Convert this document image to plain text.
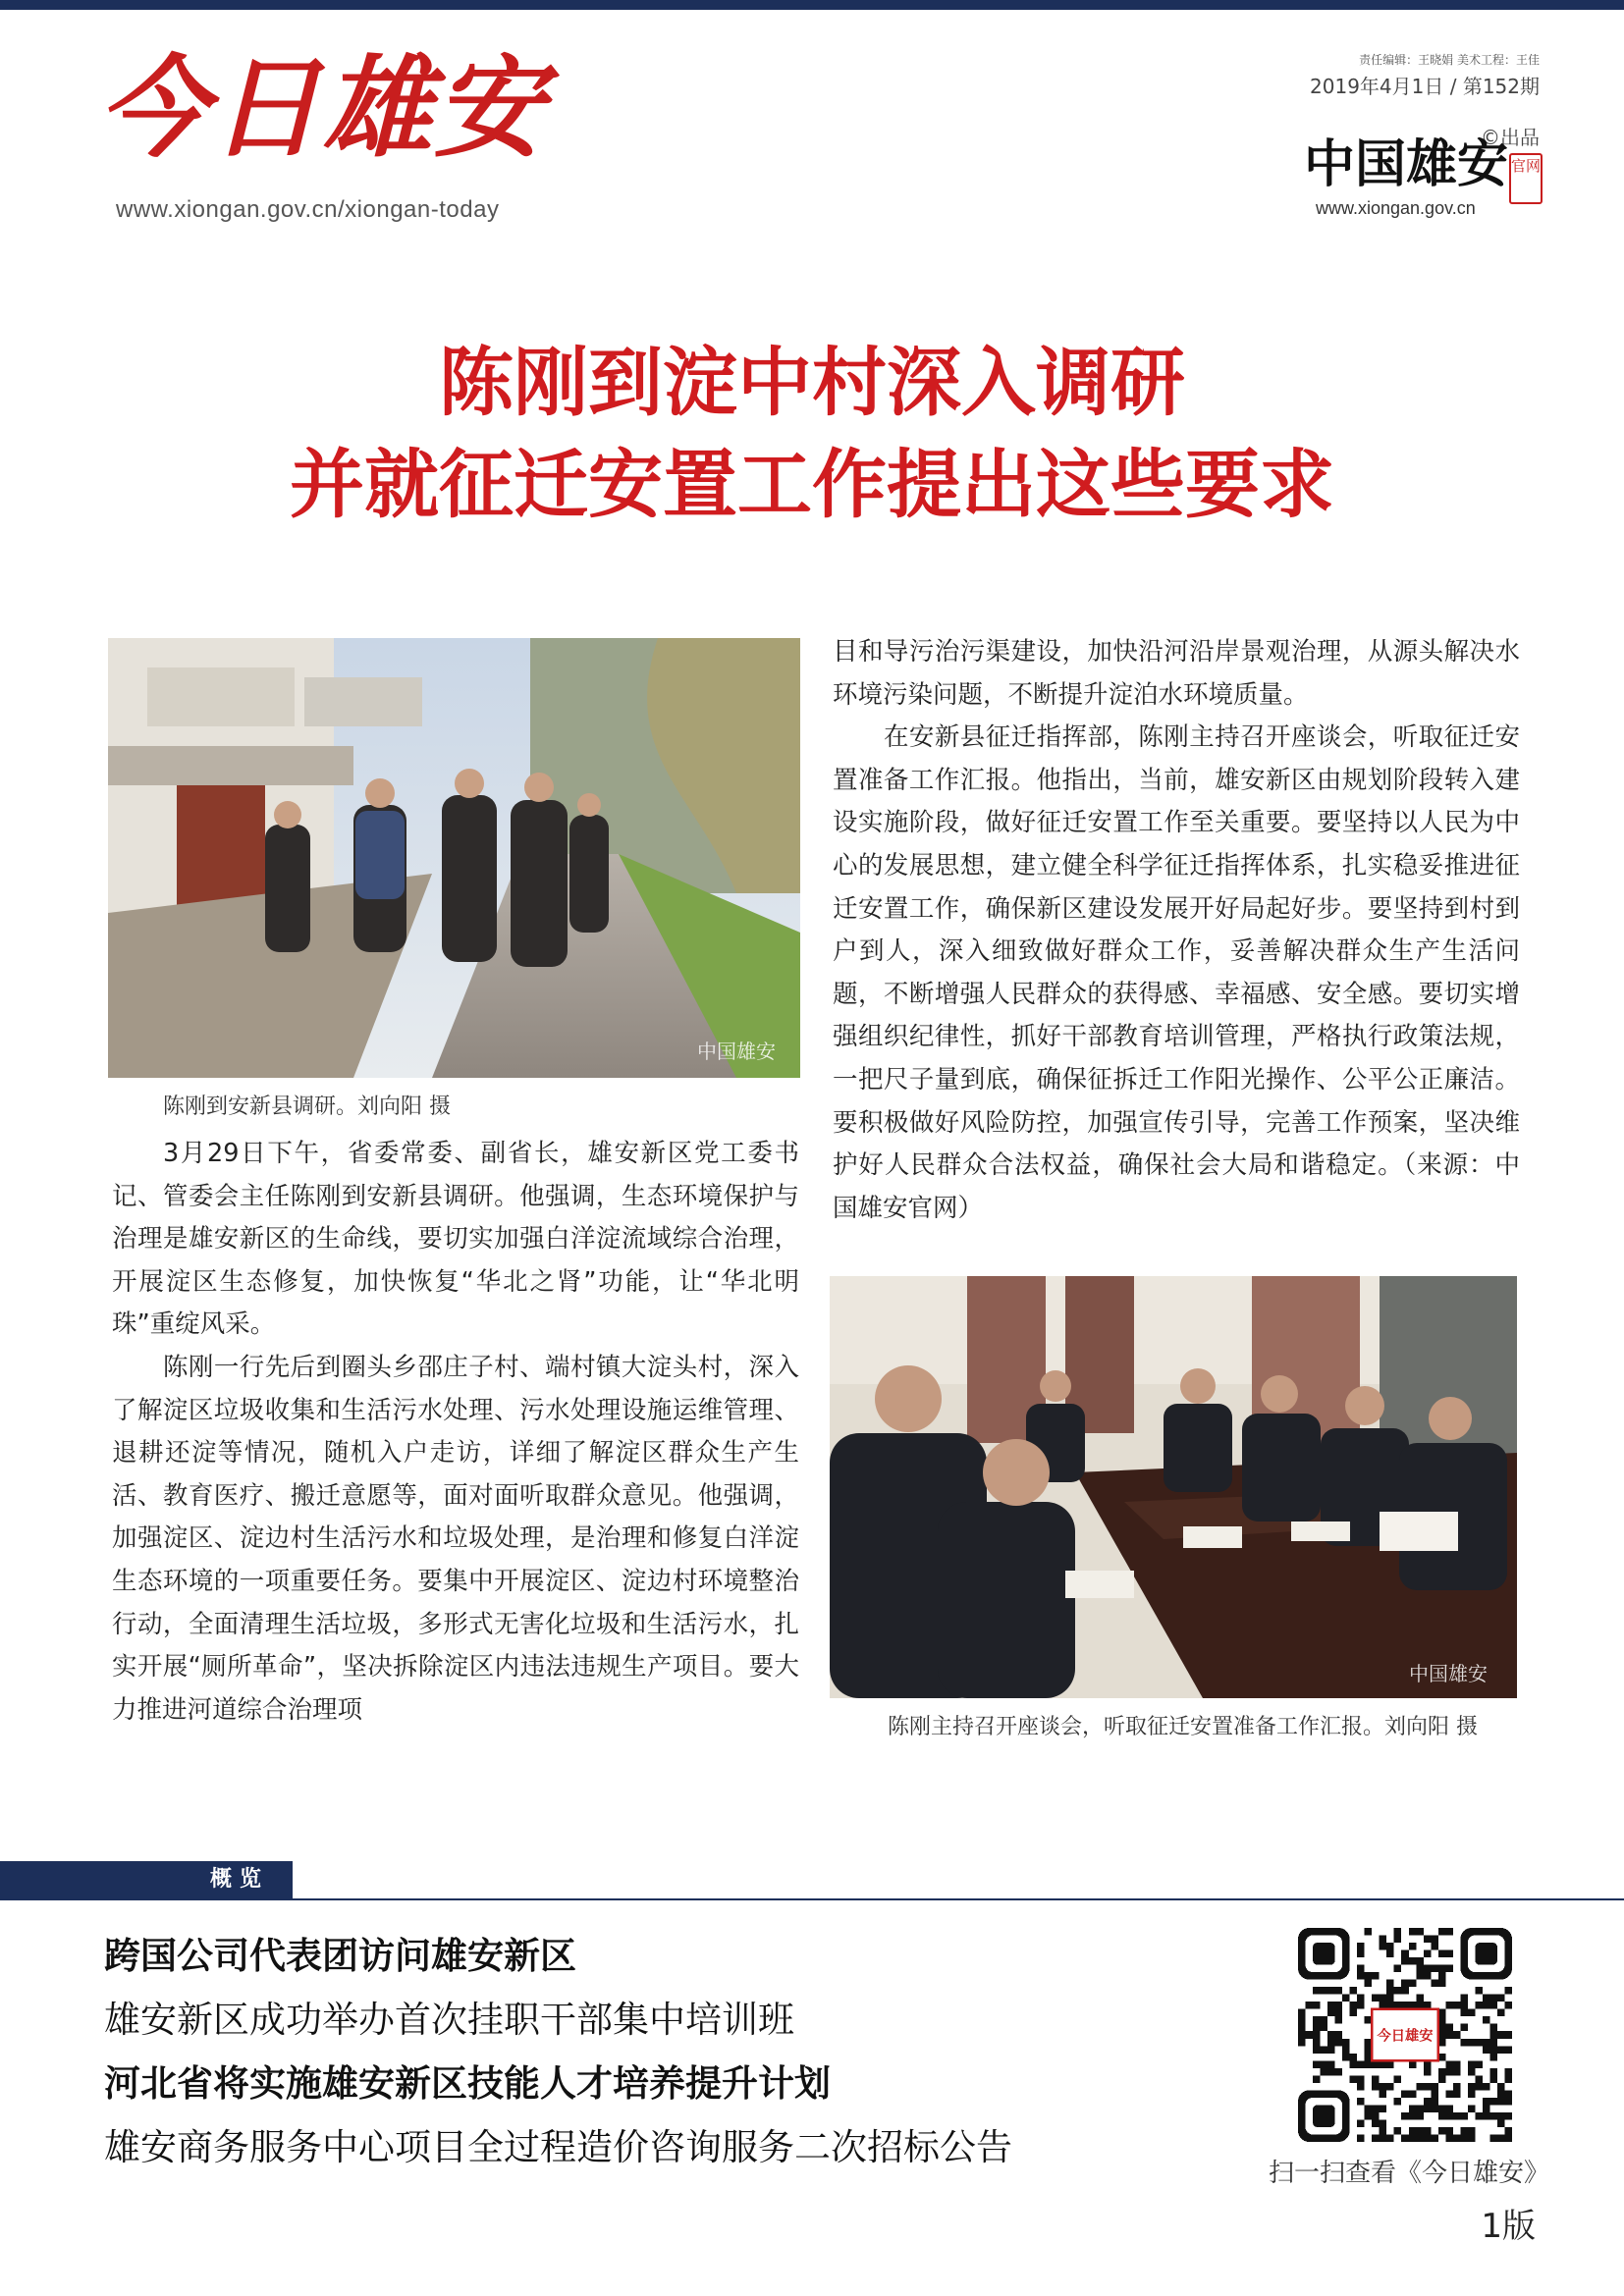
今日雄安
www.xiongan.gov.cn/xiongan-today
责任编辑：王晓娟 美术工程：王佳
2019年4月1日 / 第152期
©出品
中国雄安 官网
www.xiongan.gov.cn
陈刚到淀中村深入调研
并就征迁安置工作提出这些要求
中国雄安
陈刚到安新县调研。刘向阳 摄

3月29日下午，省委常委、副省长，雄安新区党工委书记、管委会主任陈刚到安新县调研。他强调，生态环境保护与治理是雄安新区的生命线，要切实加强白洋淀流域综合治理，开展淀区生态修复，加快恢复“华北之肾”功能，让“华北明珠”重绽风采。

陈刚一行先后到圈头乡邵庄子村、端村镇大淀头村，深入了解淀区垃圾收集和生活污水处理、污水处理设施运维管理、退耕还淀等情况，随机入户走访，详细了解淀区群众生产生活、教育医疗、搬迁意愿等，面对面听取群众意见。他强调，加强淀区、淀边村生活污水和垃圾处理，是治理和修复白洋淀生态环境的一项重要任务。要集中开展淀区、淀边村环境整治行动，全面清理生活垃圾，多形式无害化垃圾和生活污水，扎实开展“厕所革命”，坚决拆除淀区内违法违规生产项目。要大力推进河道综合治理项

目和导污治污渠建设，加快沿河沿岸景观治理，从源头解决水环境污染问题，不断提升淀泊水环境质量。

在安新县征迁指挥部，陈刚主持召开座谈会，听取征迁安置准备工作汇报。他指出，当前，雄安新区由规划阶段转入建设实施阶段，做好征迁安置工作至关重要。要坚持以人民为中心的发展思想，建立健全科学征迁指挥体系，扎实稳妥推进征迁安置工作，确保新区建设发展开好局起好步。要坚持到村到户到人，深入细致做好群众工作，妥善解决群众生产生活问题，不断增强人民群众的获得感、幸福感、安全感。要切实增强组织纪律性，抓好干部教育培训管理，严格执行政策法规，一把尺子量到底，确保征拆迁工作阳光操作、公平公正廉洁。要积极做好风险防控，加强宣传引导，完善工作预案，坚决维护好人民群众合法权益，确保社会大局和谐稳定。（来源：中国雄安官网）

中国雄安
陈刚主持召开座谈会，听取征迁安置准备工作汇报。刘向阳 摄
概览
跨国公司代表团访问雄安新区
雄安新区成功举办首次挂职干部集中培训班
河北省将实施雄安新区技能人才培养提升计划
雄安商务服务中心项目全过程造价咨询服务二次招标公告
今日雄安
扫一扫查看《今日雄安》
1版
